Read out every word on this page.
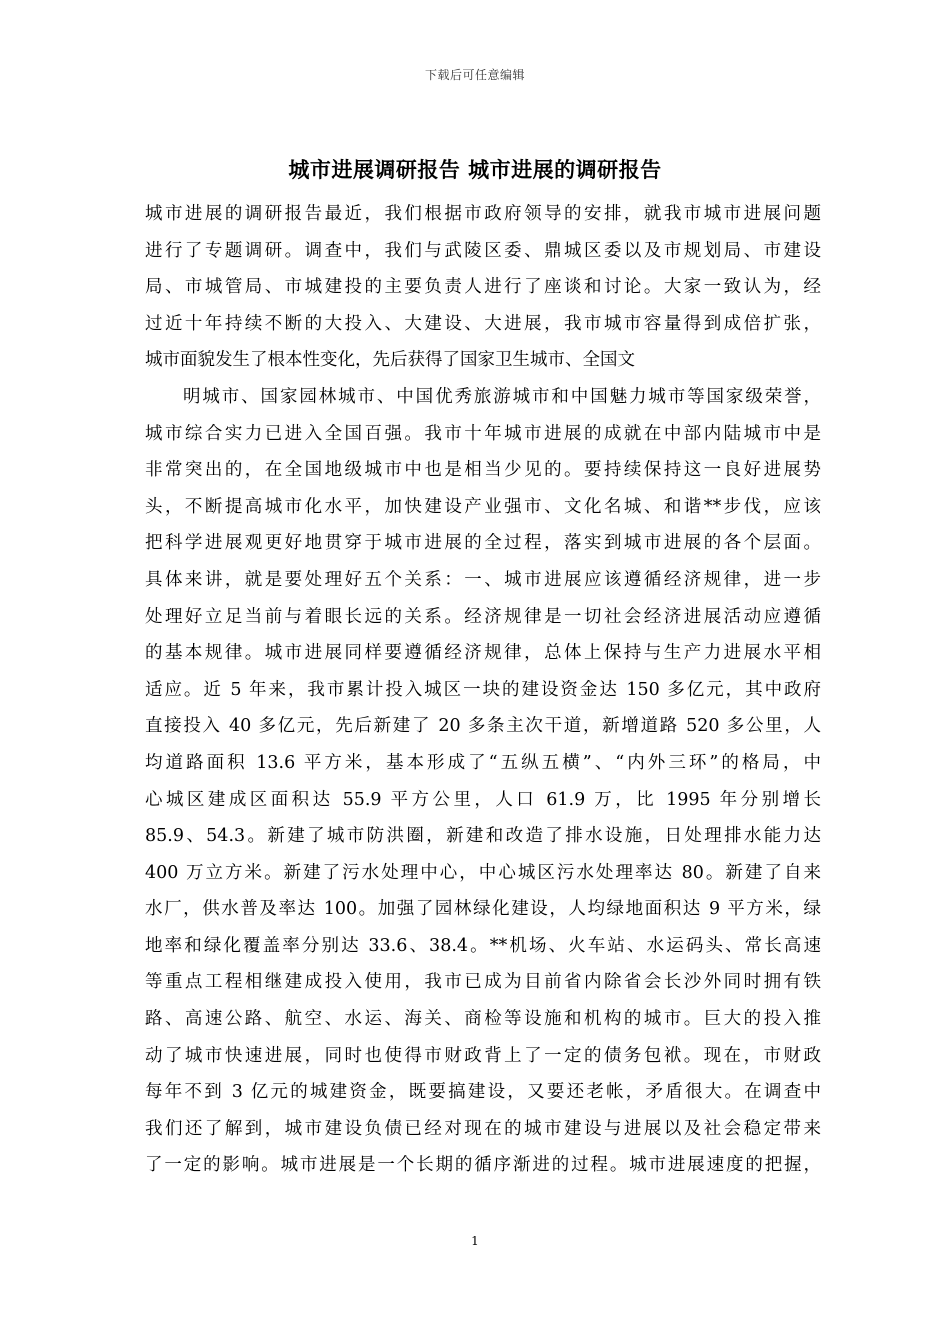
下载后可任意编辑
城市进展调研报告 城市进展的调研报告
城市进展的调研报告最近，我们根据市政府领导的安排，就我市城市进展问题
进行了专题调研。调查中，我们与武陵区委、鼎城区委以及市规划局、市建设
局、市城管局、市城建投的主要负责人进行了座谈和讨论。大家一致认为，经
过近十年持续不断的大投入、大建设、大进展，我市城市容量得到成倍扩张，
城市面貌发生了根本性变化，先后获得了国家卫生城市、全国文
明城市、国家园林城市、中国优秀旅游城市和中国魅力城市等国家级荣誉，
城市综合实力已进入全国百强。我市十年城市进展的成就在中部内陆城市中是
非常突出的，在全国地级城市中也是相当少见的。要持续保持这一良好进展势
头，不断提高城市化水平，加快建设产业强市、文化名城、和谐**步伐，应该
把科学进展观更好地贯穿于城市进展的全过程，落实到城市进展的各个层面。
具体来讲，就是要处理好五个关系：一、城市进展应该遵循经济规律，进一步
处理好立足当前与着眼长远的关系。经济规律是一切社会经济进展活动应遵循
的基本规律。城市进展同样要遵循经济规律，总体上保持与生产力进展水平相
适应。近 5 年来，我市累计投入城区一块的建设资金达 150 多亿元，其中政府
直接投入 40 多亿元，先后新建了 20 多条主次干道，新增道路 520 多公里，人
均道路面积 13.6 平方米，基本形成了“五纵五横”、“内外三环”的格局，中
心城区建成区面积达 55.9 平方公里，人口 61.9 万，比 1995 年分别增长
85.9、54.3。新建了城市防洪圈，新建和改造了排水设施，日处理排水能力达
400 万立方米。新建了污水处理中心，中心城区污水处理率达 80。新建了自来
水厂，供水普及率达 100。加强了园林绿化建设，人均绿地面积达 9 平方米，绿
地率和绿化覆盖率分别达 33.6、38.4。**机场、火车站、水运码头、常长高速
等重点工程相继建成投入使用，我市已成为目前省内除省会长沙外同时拥有铁
路、高速公路、航空、水运、海关、商检等设施和机构的城市。巨大的投入推
动了城市快速进展，同时也使得市财政背上了一定的债务包袱。现在，市财政
每年不到 3 亿元的城建资金，既要搞建设，又要还老帐，矛盾很大。在调查中
我们还了解到，城市建设负债已经对现在的城市建设与进展以及社会稳定带来
了一定的影响。城市进展是一个长期的循序渐进的过程。城市进展速度的把握，
1
